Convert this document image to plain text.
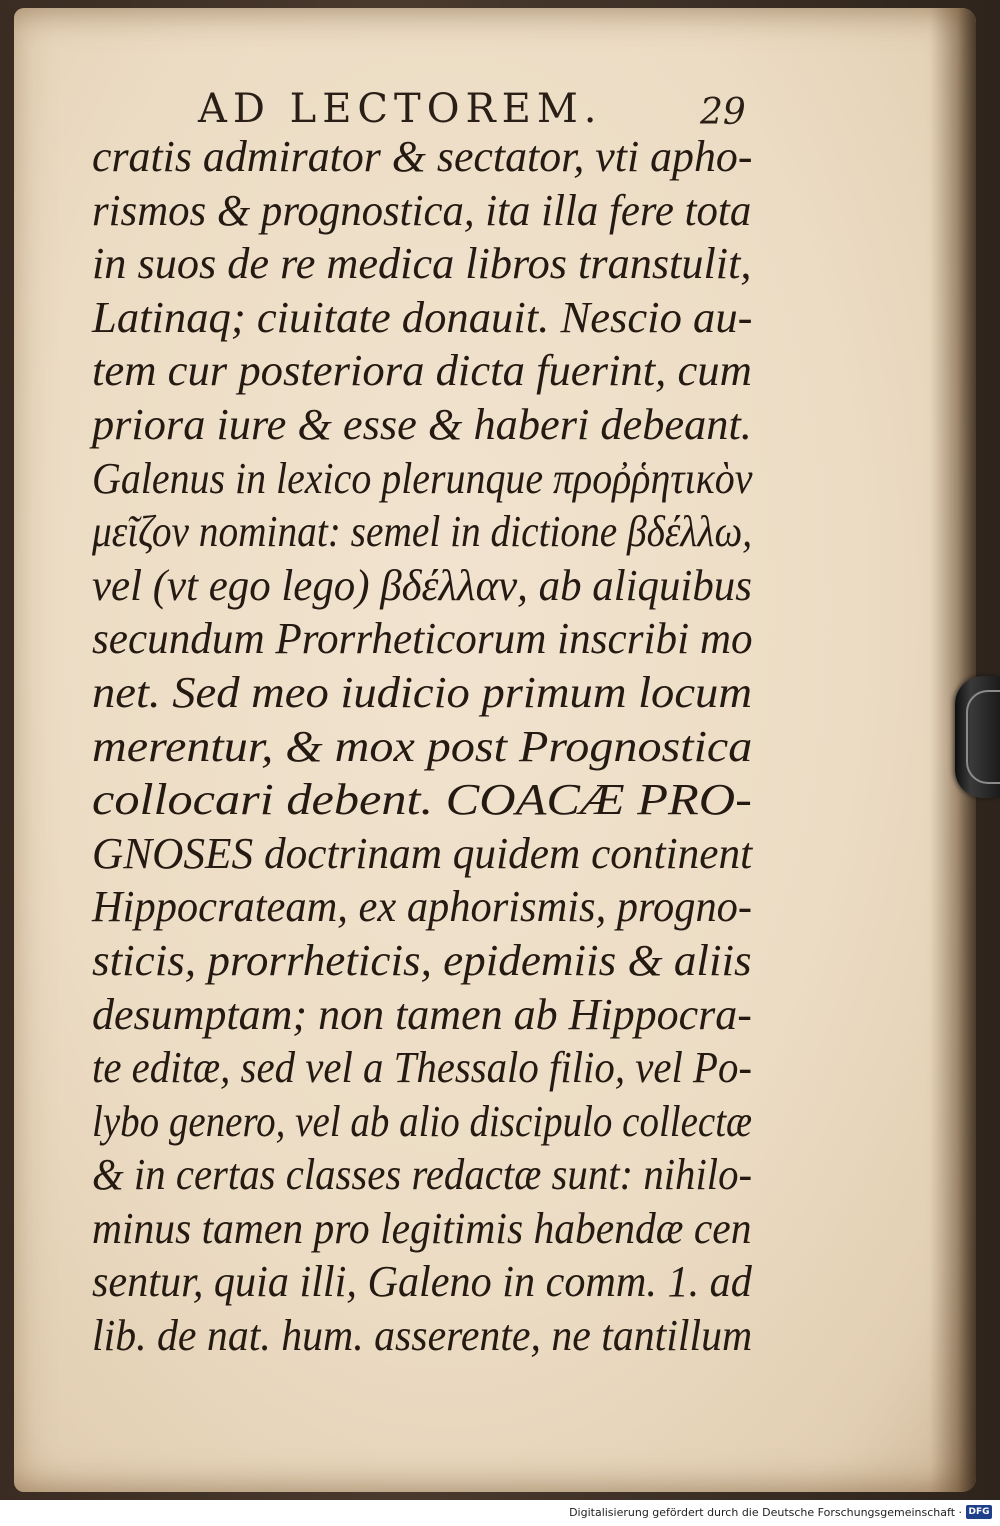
AD LECTOREM.	29
cratis admirator & sectator, vti apho-
rismos & prognostica, ita illa fere tota
in suos de re medica libros transtulit,
Latinaq; ciuitate donauit. Nescio au-
tem cur posteriora dicta fuerint, cum
priora iure & esse & haberi debeant.
Galenus in lexico plerunque προῤῥητικὸν
μεῖζον nominat: semel in dictione βδέλλω,
vel (vt ego lego) βδέλλαν, ab aliquibus
secundum Prorrheticorum inscribi mo
net. Sed meo iudicio primum locum
merentur, & mox post Prognostica
collocari debent. COACÆ PRO-
GNOSES doctrinam quidem continent
Hippocrateam, ex aphorismis, progno-
sticis, prorrheticis, epidemiis & aliis
desumptam; non tamen ab Hippocra-
te editæ, sed vel a Thessalo filio, vel Po-
lybo genero, vel ab alio discipulo collectæ
& in certas classes redactæ sunt: nihilo-
minus tamen pro legitimis habendæ cen
sentur, quia illi, Galeno in comm. 1. ad
lib. de nat. hum. asserente, ne tantillum
Digitalisierung gefördert durch die Deutsche Forschungsgemeinschaft · DFG
